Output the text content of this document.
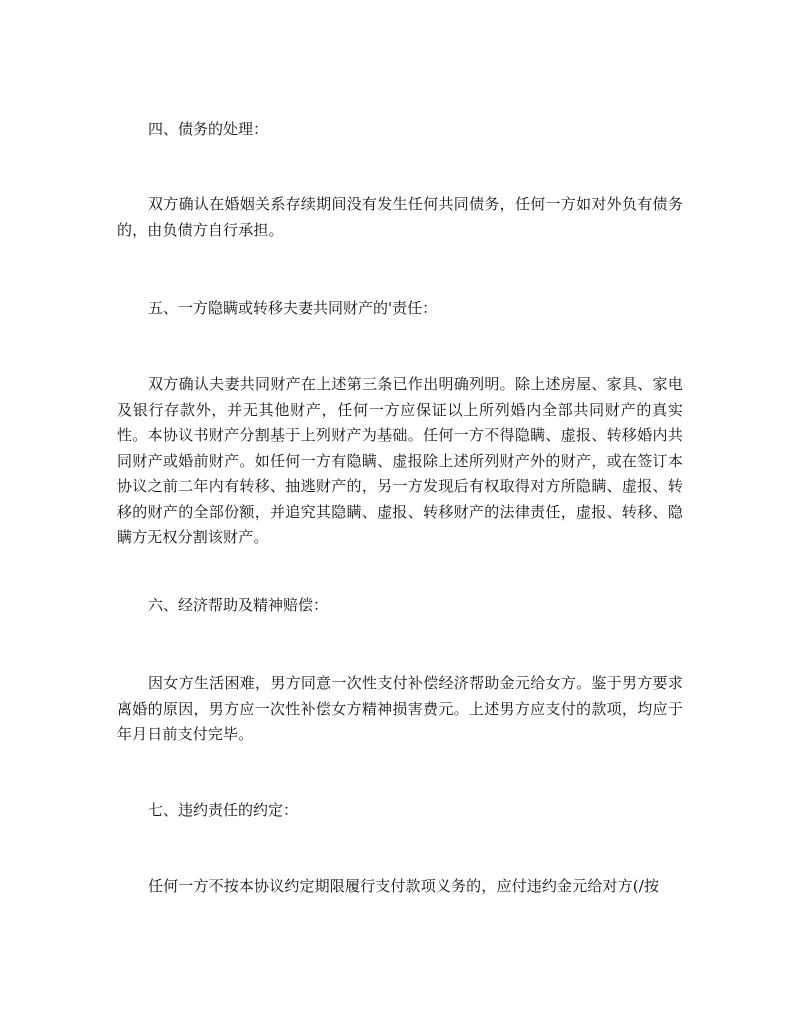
四、债务的处理：

双方确认在婚姻关系存续期间没有发生任何共同债务，任何一方如对外负有债务的，由负债方自行承担。

五、一方隐瞒或转移夫妻共同财产的'责任：

双方确认夫妻共同财产在上述第三条已作出明确列明。除上述房屋、家具、家电及银行存款外，并无其他财产，任何一方应保证以上所列婚内全部共同财产的真实性。本协议书财产分割基于上列财产为基础。任何一方不得隐瞒、虚报、转移婚内共同财产或婚前财产。如任何一方有隐瞒、虚报除上述所列财产外的财产，或在签订本协议之前二年内有转移、抽逃财产的，另一方发现后有权取得对方所隐瞒、虚报、转移的财产的全部份额，并追究其隐瞒、虚报、转移财产的法律责任，虚报、转移、隐瞒方无权分割该财产。

六、经济帮助及精神赔偿：

因女方生活困难，男方同意一次性支付补偿经济帮助金元给女方。鉴于男方要求离婚的原因，男方应一次性补偿女方精神损害费元。上述男方应支付的款项，均应于年月日前支付完毕。

七、违约责任的约定：

任何一方不按本协议约定期限履行支付款项义务的，应付违约金元给对方(/按
